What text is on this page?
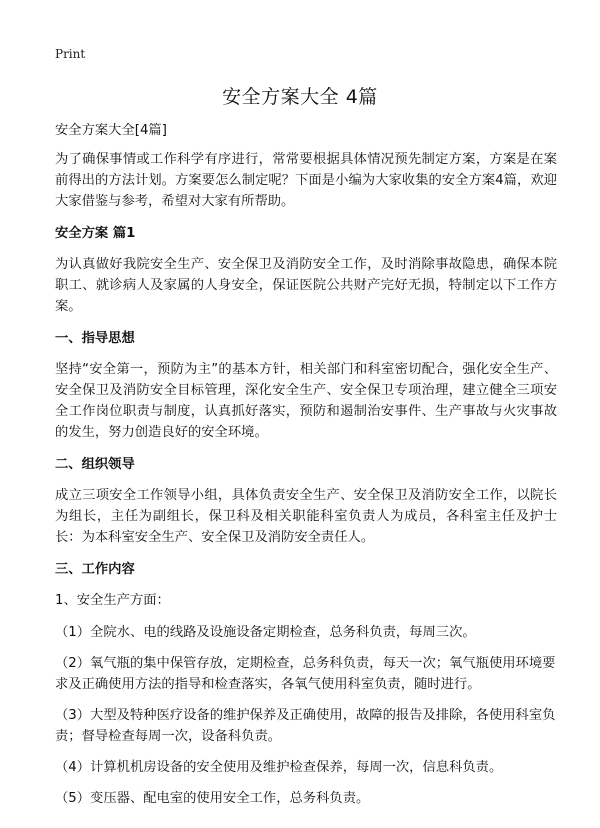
Print
安全方案大全 4篇

安全方案大全[4篇]

为了确保事情或工作科学有序进行，常常要根据具体情况预先制定方案，方案是在案前得出的方法计划。方案要怎么制定呢？下面是小编为大家收集的安全方案4篇，欢迎大家借鉴与参考，希望对大家有所帮助。

安全方案 篇1

为认真做好我院安全生产、安全保卫及消防安全工作，及时消除事故隐患，确保本院职工、就诊病人及家属的人身安全，保证医院公共财产完好无损，特制定以下工作方案。

一、指导思想

坚持“安全第一，预防为主”的基本方针，相关部门和科室密切配合，强化安全生产、安全保卫及消防安全目标管理，深化安全生产、安全保卫专项治理，建立健全三项安全工作岗位职责与制度，认真抓好落实，预防和遏制治安事件、生产事故与火灾事故的发生，努力创造良好的安全环境。

二、组织领导

成立三项安全工作领导小组，具体负责安全生产、安全保卫及消防安全工作，以院长为组长，主任为副组长，保卫科及相关职能科室负责人为成员，各科室主任及护士长：为本科室安全生产、安全保卫及消防安全责任人。

三、工作内容

1、安全生产方面：

（1）全院水、电的线路及设施设备定期检查，总务科负责，每周三次。

（2）氧气瓶的集中保管存放，定期检查，总务科负责，每天一次；氧气瓶使用环境要求及正确使用方法的指导和检查落实，各氧气使用科室负责，随时进行。

（3）大型及特种医疗设备的维护保养及正确使用，故障的报告及排除，各使用科室负责；督导检查每周一次，设备科负责。

（4）计算机机房设备的安全使用及维护检查保养，每周一次，信息科负责。

（5）变压器、配电室的使用安全工作，总务科负责。
